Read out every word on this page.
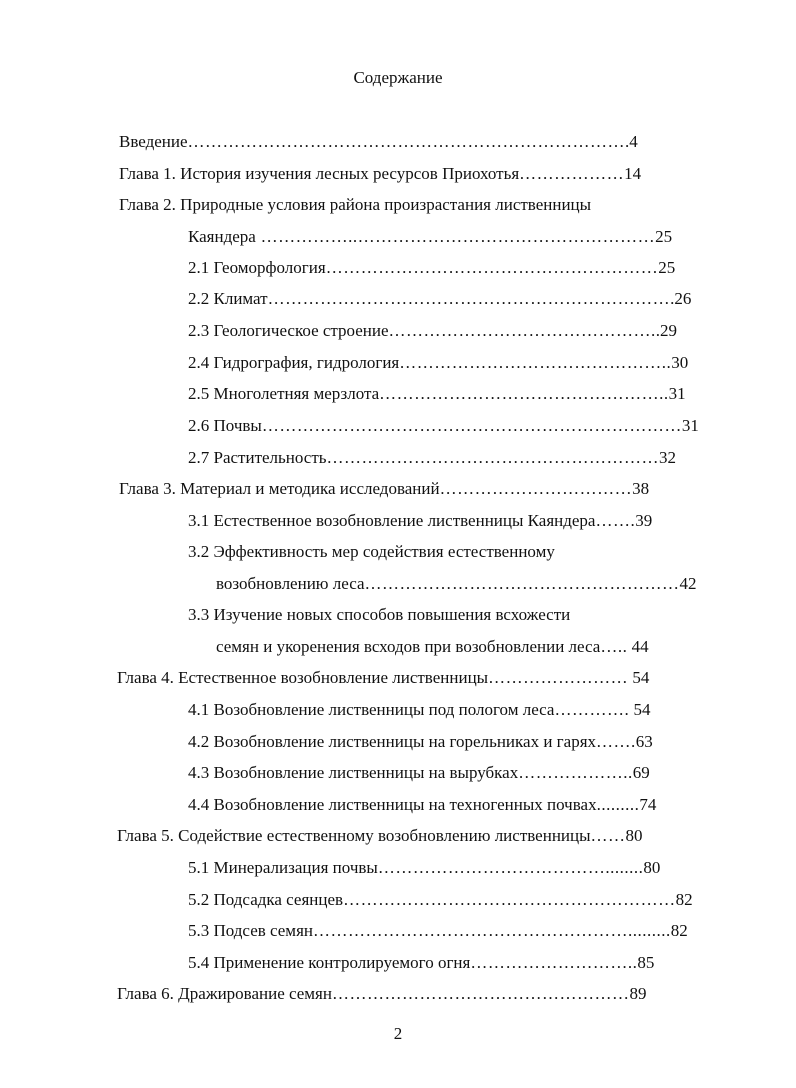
Содержание
Введение………………………………………………………………….4
Глава 1. История изучения лесных ресурсов Приохотья………………14
Глава 2. Природные условия района произрастания лиственницы
Каяндера ……………..……………………………………………25
2.1 Геоморфология…………………………………………………25
2.2 Климат…………………………………………………………….26
2.3 Геологическое строение………………………………………..29
2.4 Гидрография, гидрология………………………………………..30
2.5 Многолетняя мерзлота…………………………………………..31
2.6 Почвы………………………………………………………………31
2.7 Растительность…………………………………………………32
Глава 3. Материал и методика исследований……………………………38
3.1 Естественное возобновление лиственницы Каяндера…….39
3.2 Эффективность мер содействия естественному
возобновлению леса………………………………………………42
3.3 Изучение новых способов повышения всхожести
семян и укоренения всходов при возобновлении леса….. 44
Глава 4. Естественное возобновление лиственницы…………………… 54
4.1 Возобновление лиственницы под пологом леса…………. 54
4.2 Возобновление лиственницы на горельниках и гарях…….63
4.3 Возобновление лиственницы на вырубках………………..69
4.4 Возобновление лиственницы на техногенных почвах.........74
Глава 5. Содействие естественному возобновлению лиственницы……80
5.1 Минерализация почвы…………………………………........80
5.2 Подсадка сеянцев…………………………………………………82
5.3 Подсев семян……………………………………………….........82
5.4 Применение контролируемого огня………………………..85
Глава 6. Дражирование семян……………………………………………89
2
